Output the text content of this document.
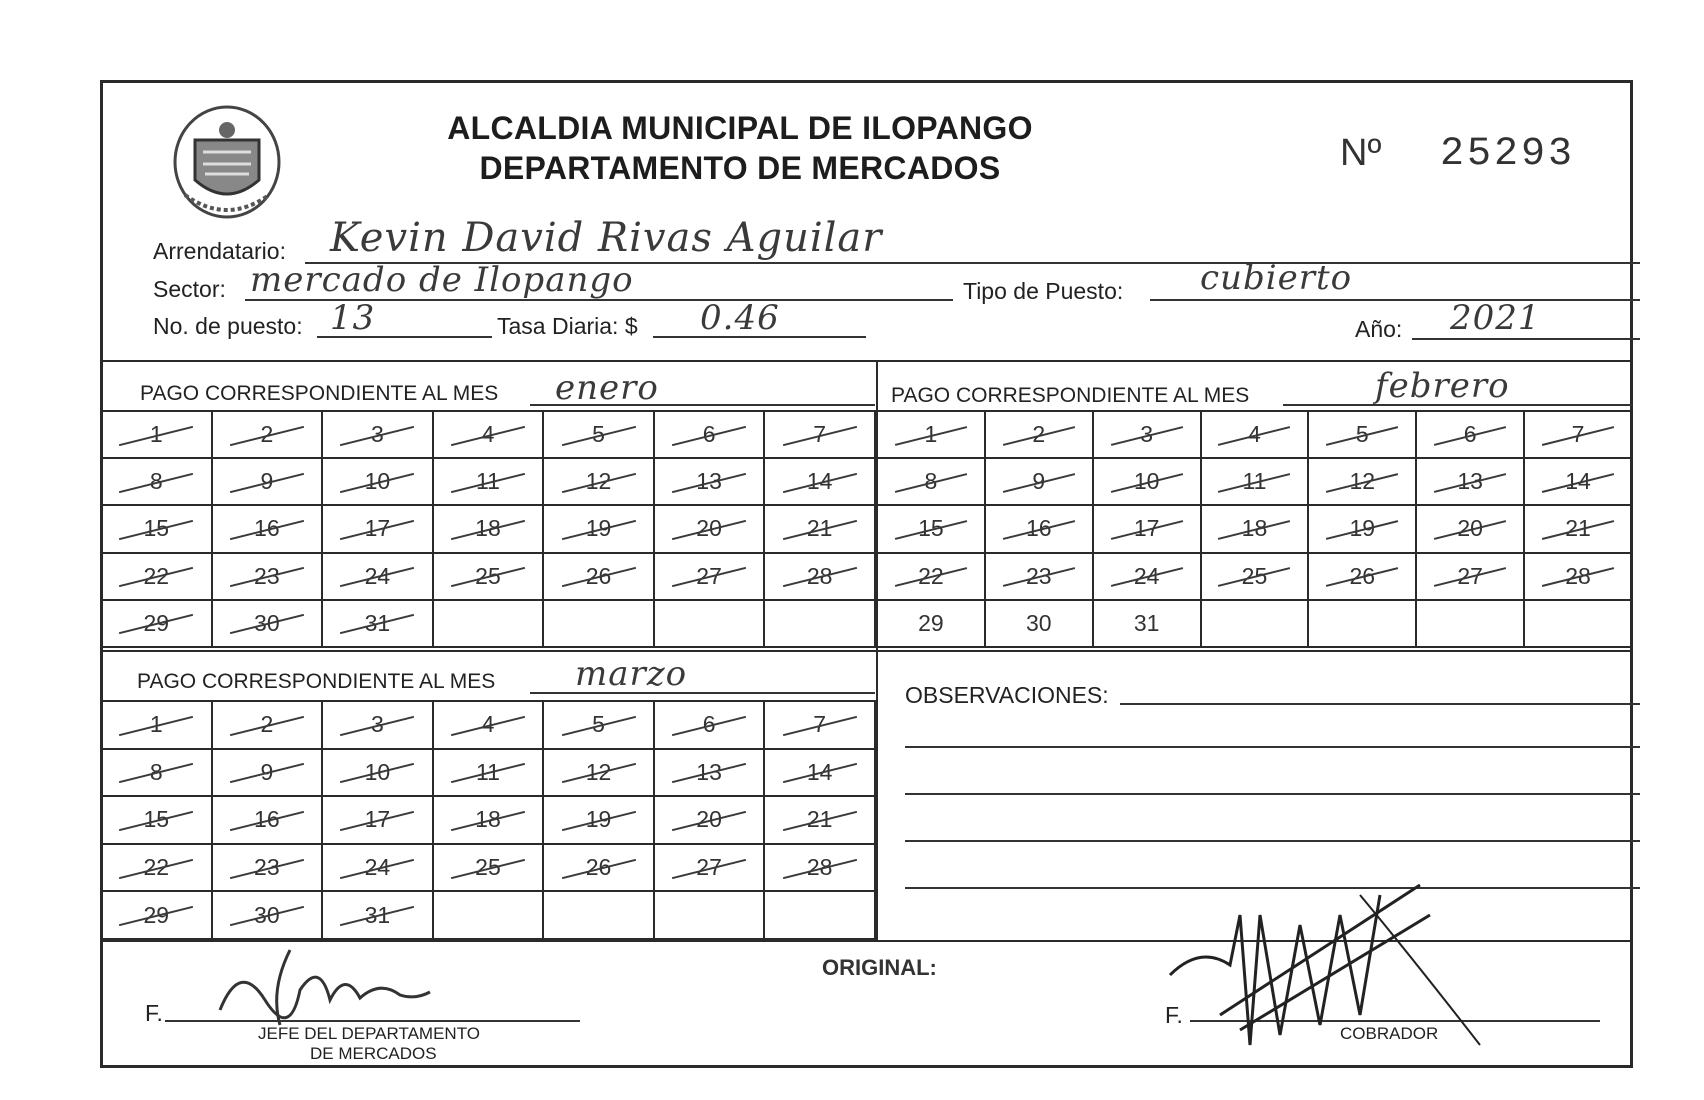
ALCALDIA MUNICIPAL DE ILOPANGO
DEPARTAMENTO DE MERCADOS	Nº 25293
Arrendatario: Kevin David Rivas Aguilar
Sector: mercado de Ilopango	Tipo de Puesto: cubierto
No. de puesto: 13	Tasa Diaria: $ 0.46	Año: 2021
PAGO CORRESPONDIENTE AL MES enero	PAGO CORRESPONDIENTE AL MES	febrero
PAGO CORRESPONDIENTE AL MES marzo
1	2	3	4	5	6	7

8	9	10	11	12	13	14

15	16	17	18	19	20	21

22	23	24	25	26	27	28

29	30	31

1	2	3	4	5	6	7

8	9	10	11	12	13	14

15	16	17	18	19	20	21

22	23	24	25	26	27	28

29	30	31				
1	2	3	4	5	6	7

8	9	10	11	12	13	14

15	16	17	18	19	20	21

22	23	24	25	26	27	28

29	30	31

OBSERVACIONES:
ORIGINAL:
F.
JEFE DEL DEPARTAMENTO
DE MERCADOS
F.
COBRADOR
